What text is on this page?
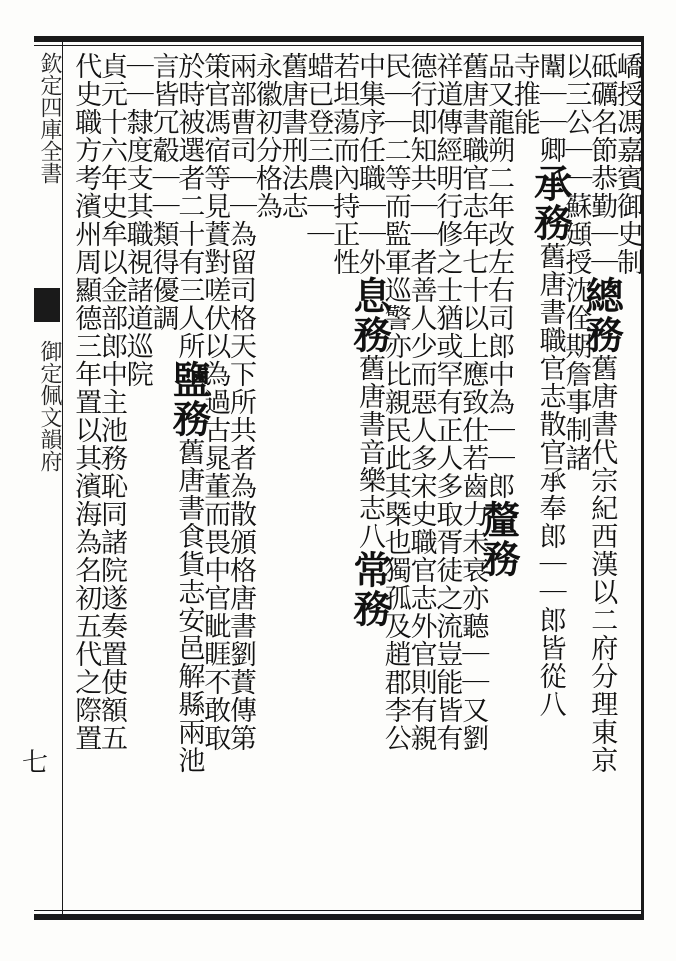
欽定四庫全書
御定佩文韻府
七
嶠授馮嘉賓御史制
砥礪名節恭勤｜｜總務舊唐書代宗紀西漢以二府分理東京
以三公｜｜蘇頲授沈佺期詹事制諸
闈｜｜卿承務舊唐書職官志散官承奉郎｜｜郎皆從八
寺推能
品又龍朔二年改左右司郎中為｜｜郎釐務
舊唐書職官志年七十以上應致仕若齒力未衰亦聽｜｜又劉
祥道傳經明行修之士猶或罕有正人多取胥徒之流豈能皆有
德行即知共｜｜者善人少而惡人多宋史職官志外官則有親
民｜｜二等而監軍巡警亦比親民此其槩也獨孤及趙郡李公
中集序任職｜｜外息務舊唐書音樂志八常務
若坦蕩而內持正性
蜡已登三農｜｜
舊唐書刑法志
永徽初分格為
兩部曹司｜｜為留司格天下所共者為散頒格唐書劉蕡傳第
策官馮宿等見蕡對嗟伏以為過古晁董而畏中官眦睚不敢取
於時被選者二十有三人所鹽務舊唐書食貨志安邑解縣兩池
言皆冗觳｜｜類得優調
｜｜隸度支其職視諸道巡院
貞元十六年史牟以金部郎中主池務恥同諸院遂奏置使額五
代史職方考濱州周顯德三年置以其濱海為名初五代之際置
